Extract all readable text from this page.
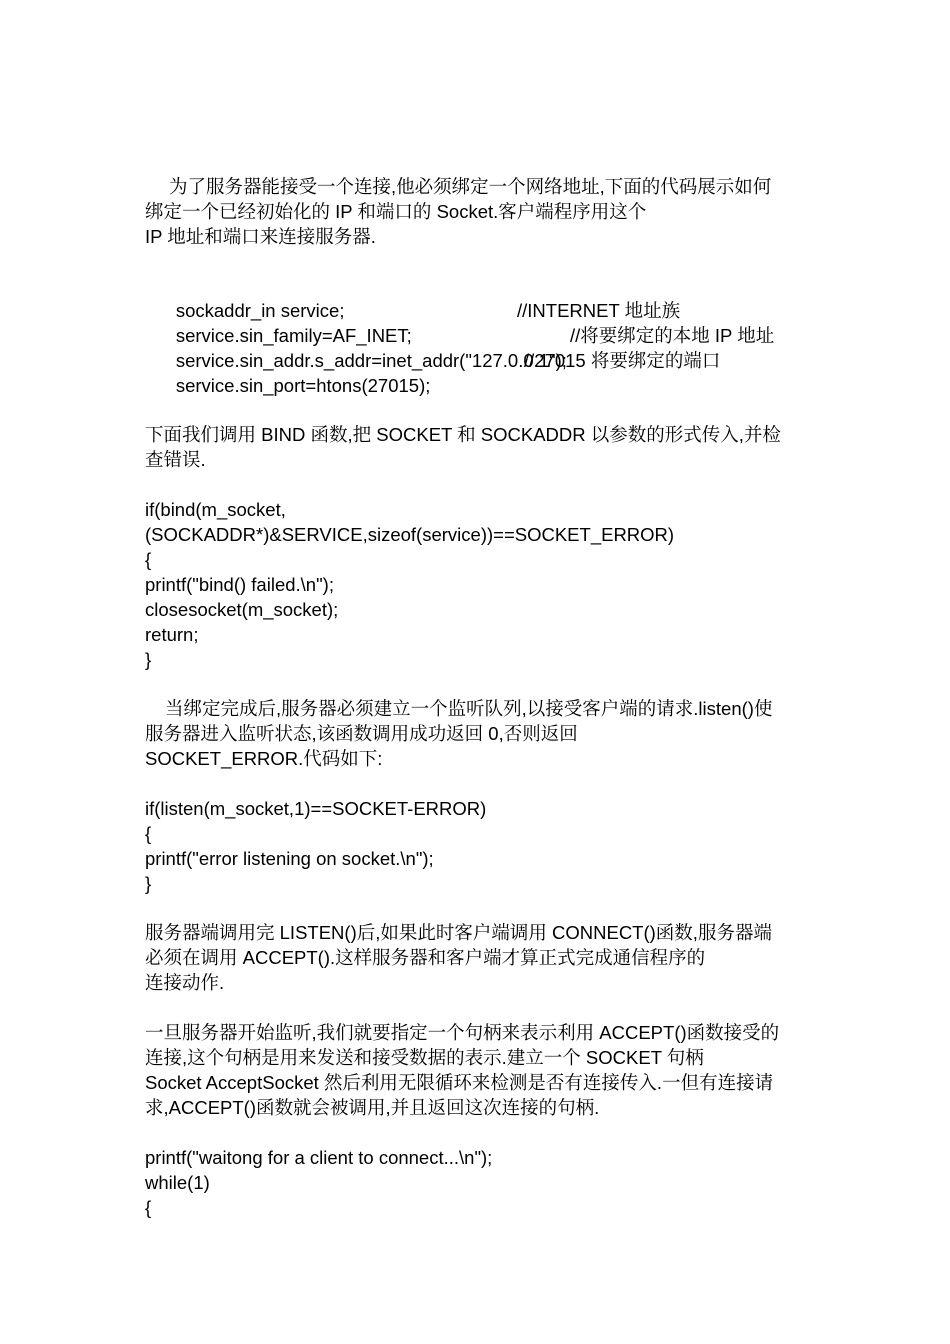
为了服务器能接受一个连接,他必须绑定一个网络地址,下面的代码展示如何
绑定一个已经初始化的 IP 和端口的 Socket.客户端程序用这个
IP 地址和端口来连接服务器.

sockaddr_in service;

service.sin_family=AF_INET;

//INTERNET 地址族

service.sin_addr.s_addr=inet_addr("127.0.0.1");

//将要绑定的本地 IP 地址

service.sin_port=htons(27015);

//27015 将要绑定的端口

下面我们调用 BIND 函数,把 SOCKET 和 SOCKADDR 以参数的形式传入,并检
查错误.
if(bind(m_socket,
(SOCKADDR*)&SERVICE,sizeof(service))==SOCKET_ERROR)
{
printf("bind() failed.\n");
closesocket(m_socket);
return;
}
当绑定完成后,服务器必须建立一个监听队列,以接受客户端的请求.listen()使
服务器进入监听状态,该函数调用成功返回 0,否则返回
SOCKET_ERROR.代码如下:
if(listen(m_socket,1)==SOCKET-ERROR)
{
printf("error listening on socket.\n");
}
服务器端调用完 LISTEN()后,如果此时客户端调用 CONNECT()函数,服务器端
必须在调用 ACCEPT().这样服务器和客户端才算正式完成通信程序的
连接动作.
一旦服务器开始监听,我们就要指定一个句柄来表示利用 ACCEPT()函数接受的
连接,这个句柄是用来发送和接受数据的表示.建立一个 SOCKET 句柄
Socket AcceptSocket 然后利用无限循环来检测是否有连接传入.一但有连接请
求,ACCEPT()函数就会被调用,并且返回这次连接的句柄.
printf("waitong for a client to connect...\n");
while(1)
{
